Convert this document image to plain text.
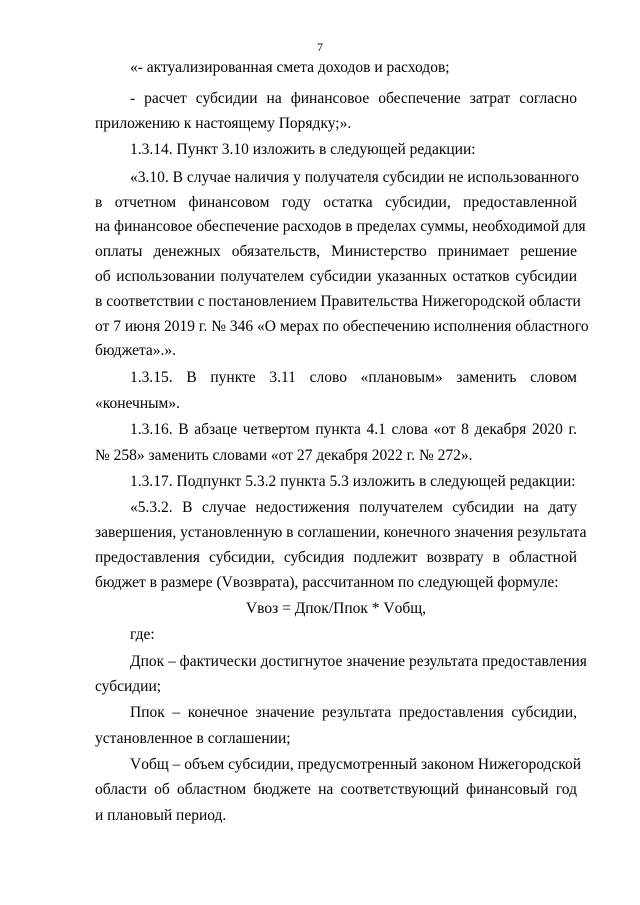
7
«- актуализированная смета доходов и расходов;
- расчет субсидии на финансовое обеспечение затрат согласно
приложению к настоящему Порядку;».
1.3.14. Пункт 3.10 изложить в следующей редакции:
«3.10. В случае наличия у получателя субсидии не использованного
в отчетном финансовом году остатка субсидии, предоставленной
на финансовое обеспечение расходов в пределах суммы, необходимой для
оплаты денежных обязательств, Министерство принимает решение
об использовании получателем субсидии указанных остатков субсидии
в соответствии с постановлением Правительства Нижегородской области
от 7 июня 2019 г. № 346 «О мерах по обеспечению исполнения областного
бюджета».».
1.3.15. В пункте 3.11 слово «плановым» заменить словом
«конечным».
1.3.16. В абзаце четвертом пункта 4.1 слова «от 8 декабря 2020 г.
№ 258» заменить словами «от 27 декабря 2022 г. № 272».
1.3.17. Подпункт 5.3.2 пункта 5.3 изложить в следующей редакции:
«5.3.2. В случае недостижения получателем субсидии на дату
завершения, установленную в соглашении, конечного значения результата
предоставления субсидии, субсидия подлежит возврату в областной
бюджет в размере (Vвозврата), рассчитанном по следующей формуле:
Vвоз = Дпок/Ппок * Vобщ,
где:
Дпок – фактически достигнутое значение результата предоставления
субсидии;
Ппок – конечное значение результата предоставления субсидии,
установленное в соглашении;
Vобщ – объем субсидии, предусмотренный законом Нижегородской
области об областном бюджете на соответствующий финансовый год
и плановый период.
